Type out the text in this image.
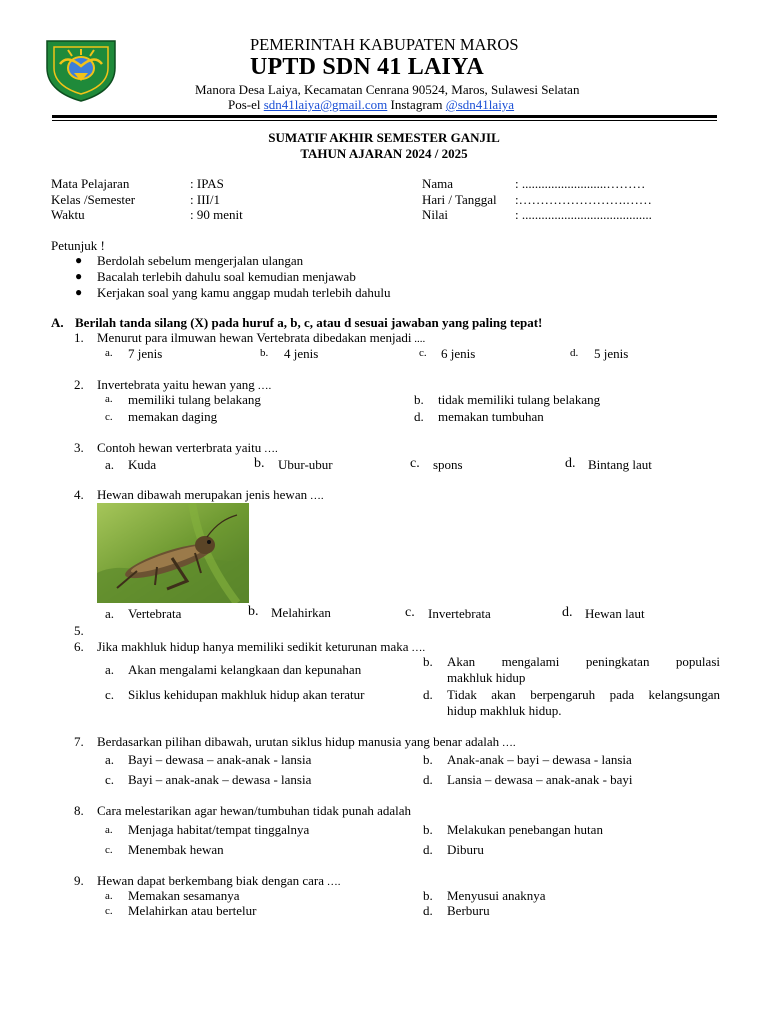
PEMERINTAH KABUPATEN MAROS
UPTD SDN 41 LAIYA
Manora Desa Laiya, Kecamatan Cenrana 90524, Maros, Sulawesi Selatan
Pos-el sdn41laiya@gmail.com Instagram @sdn41laiya
SUMATIF AKHIR SEMESTER GANJIL
TAHUN AJARAN 2024 / 2025
Mata Pelajaran	: IPAS
Kelas /Semester	: III/1
Waktu	: 90 menit
Nama	: ..........................………
Hari / Tanggal :…………………….……
Nilai	: ........................................
Petunjuk !
● Berdolah sebelum mengerjalan ulangan
● Bacalah terlebih dahulu soal kemudian menjawab
● Kerjakan soal yang kamu anggap mudah terlebih dahulu
A. Berilah tanda silang (X) pada huruf a, b, c, atau d sesuai jawaban yang paling tepat!
1. Menurut para ilmuwan hewan Vertebrata dibedakan menjadi ....
a. 7 jenis	b. 4 jenis	c. 6 jenis	d. 5 jenis
2. Invertebrata yaitu hewan yang ….
a. memiliki tulang belakang	b. tidak memiliki tulang belakang
c. memakan daging	d. memakan tumbuhan
3. Contoh hewan verterbrata yaitu ….
a. Kuda	b. Ubur-ubur	c. spons	d. Bintang laut
4. Hewan dibawah merupakan jenis hewan ….
a. Vertebrata	b. Melahirkan	c. Invertebrata	d. Hewan laut
5.
6. Jika makhluk hidup hanya memiliki sedikit keturunan maka ….
a. Akan mengalami kelangkaan dan kepunahan
b. Akan mengalami peningkatan populasi
makhluk hidup
c. Siklus kehidupan makhluk hidup akan teratur	d. Tidak akan berpengaruh pada kelangsungan
hidup makhluk hidup.
7. Berdasarkan pilihan dibawah, urutan siklus hidup manusia yang benar adalah ….
a. Bayi – dewasa – anak-anak - lansia	b. Anak-anak – bayi – dewasa - lansia
c. Bayi – anak-anak – dewasa - lansia	d. Lansia – dewasa – anak-anak - bayi
8. Cara melestarikan agar hewan/tumbuhan tidak punah adalah
a. Menjaga habitat/tempat tinggalnya	b. Melakukan penebangan hutan
c. Menembak hewan	d. Diburu
9. Hewan dapat berkembang biak dengan cara ….
a. Memakan sesamanya	b. Menyusui anaknya
c. Melahirkan atau bertelur	d. Berburu
